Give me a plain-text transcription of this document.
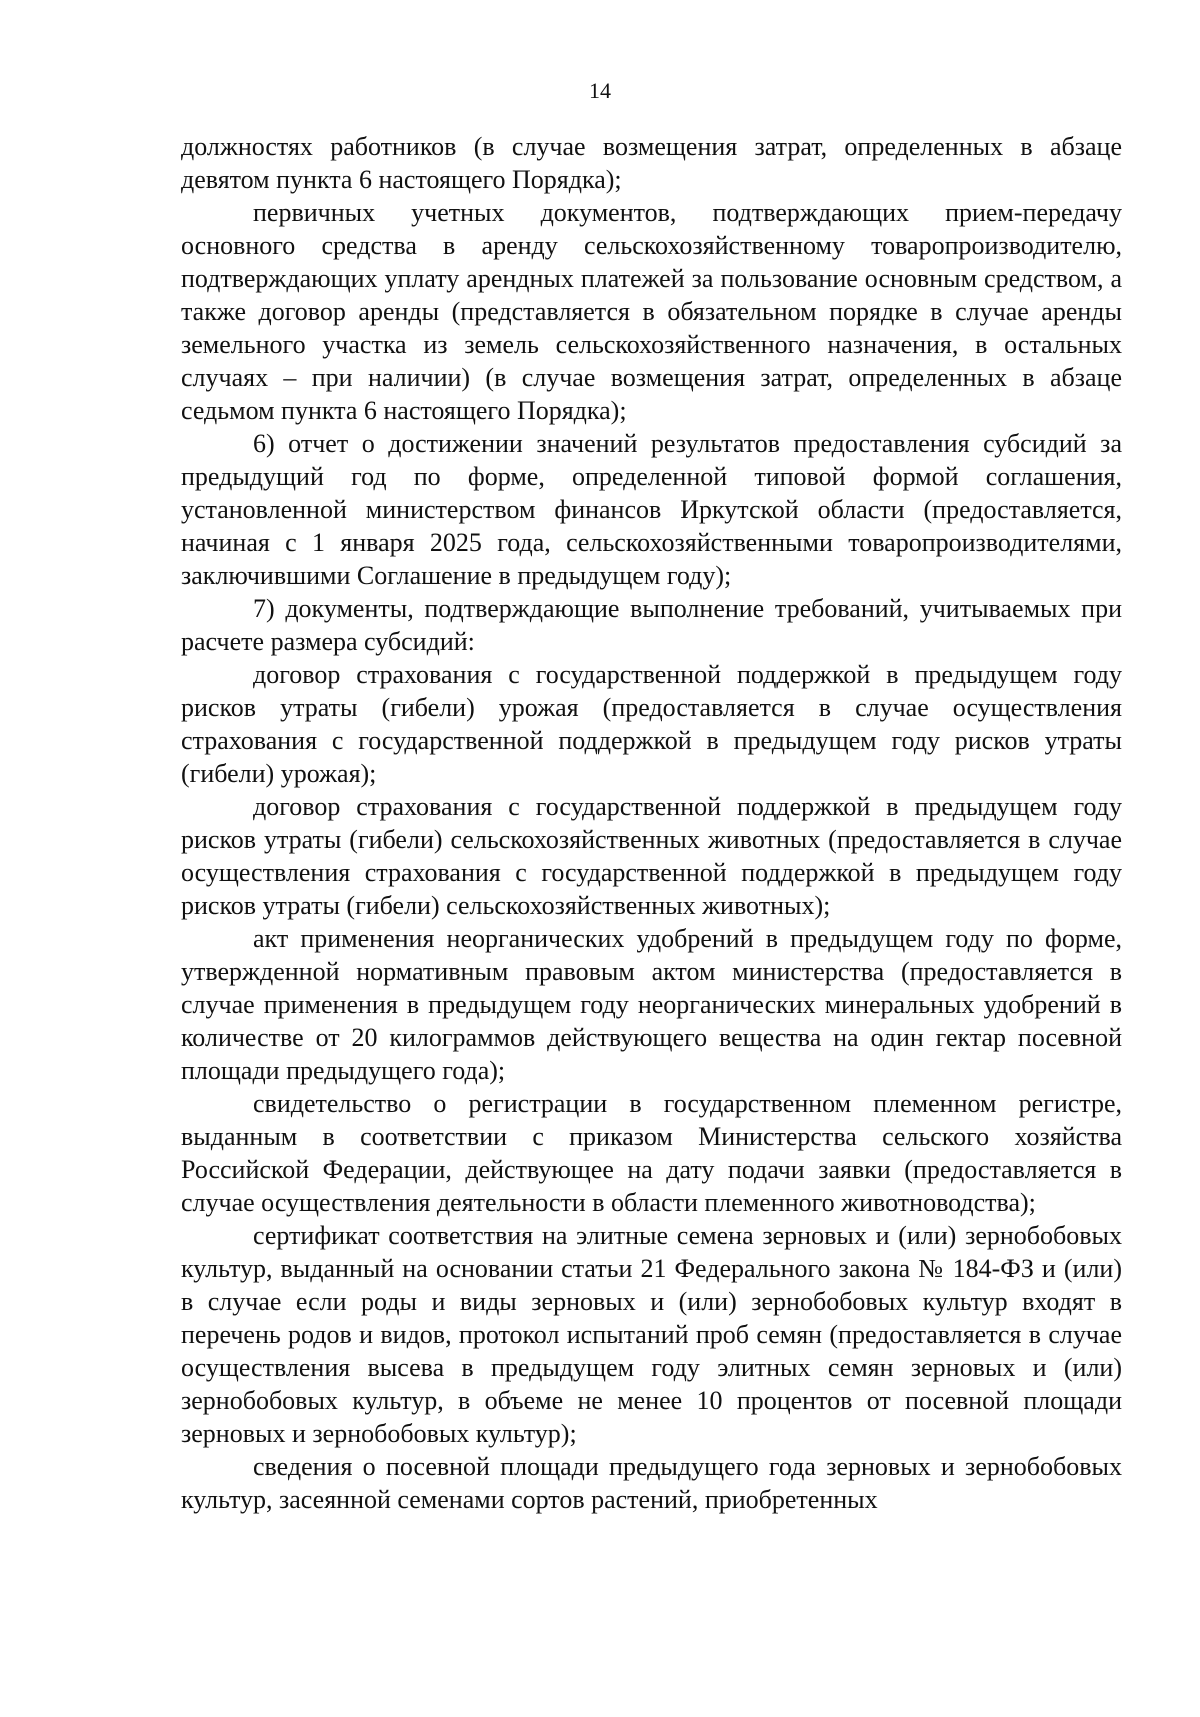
14

должностях работников (в случае возмещения затрат, определенных в абзаце девятом пункта 6 настоящего Порядка);

первичных учетных документов, подтверждающих прием-передачу основного средства в аренду сельскохозяйственному товаропроизводителю, подтверждающих уплату арендных платежей за пользование основным средством, а также договор аренды (представляется в обязательном порядке в случае аренды земельного участка из земель сельскохозяйственного назначения, в остальных случаях – при наличии) (в случае возмещения затрат, определенных в абзаце седьмом пункта 6 настоящего Порядка);

6) отчет о достижении значений результатов предоставления субсидий за предыдущий год по форме, определенной типовой формой соглашения, установленной министерством финансов Иркутской области (предоставляется, начиная с 1 января 2025 года, сельскохозяйственными товаропроизводителями, заключившими Соглашение в предыдущем году);

7) документы, подтверждающие выполнение требований, учитываемых при расчете размера субсидий:

договор страхования с государственной поддержкой в предыдущем году рисков утраты (гибели) урожая (предоставляется в случае осуществления страхования с государственной поддержкой в предыдущем году рисков утраты (гибели) урожая);

договор страхования с государственной поддержкой в предыдущем году рисков утраты (гибели) сельскохозяйственных животных (предоставляется в случае осуществления страхования с государственной поддержкой в предыдущем году рисков утраты (гибели) сельскохозяйственных животных);

акт применения неорганических удобрений в предыдущем году по форме, утвержденной нормативным правовым актом министерства (предоставляется в случае применения в предыдущем году неорганических минеральных удобрений в количестве от 20 килограммов действующего вещества на один гектар посевной площади предыдущего года);

свидетельство о регистрации в государственном племенном регистре, выданным в соответствии с приказом Министерства сельского хозяйства Российской Федерации, действующее на дату подачи заявки (предоставляется в случае осуществления деятельности в области племенного животноводства);

сертификат соответствия на элитные семена зерновых и (или) зернобобовых культур, выданный на основании статьи 21 Федерального закона № 184-ФЗ и (или) в случае если роды и виды зерновых и (или) зернобобовых культур входят в перечень родов и видов, протокол испытаний проб семян (предоставляется в случае осуществления высева в предыдущем году элитных семян зерновых и (или) зернобобовых культур, в объеме не менее 10 процентов от посевной площади зерновых и зернобобовых культур);

сведения о посевной площади предыдущего года зерновых и зернобобовых культур, засеянной семенами сортов растений, приобретенных
